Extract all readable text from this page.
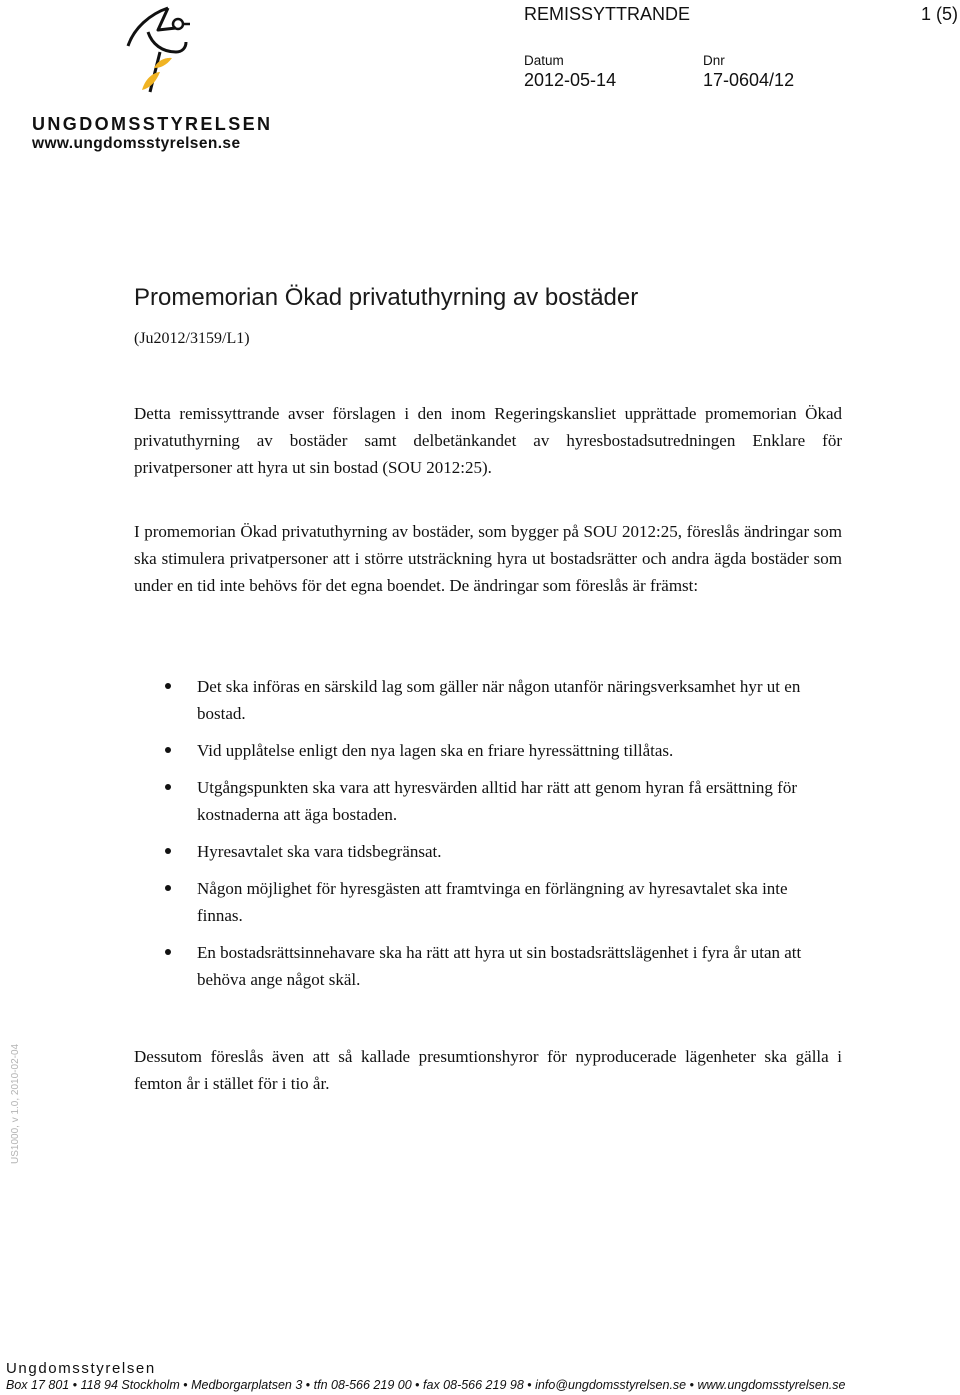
UNGDOMSSTYRELSEN
www.ungdomsstyrelsen.se
REMISSYTTRANDE	1 (5)
Datum
2012-05-14
Dnr
17-0604/12
Promemorian Ökad privatuthyrning av bostäder
(Ju2012/3159/L1)
Detta remissyttrande avser förslagen i den inom Regeringskansliet upprättade promemorian Ökad privatuthyrning av bostäder samt delbetänkandet av hyresbostadsutredningen Enklare för privatpersoner att hyra ut sin bostad (SOU 2012:25).
I promemorian Ökad privatuthyrning av bostäder, som bygger på SOU 2012:25, föreslås ändringar som ska stimulera privatpersoner att i större utsträckning hyra ut bostadsrätter och andra ägda bostäder som under en tid inte behövs för det egna boendet. De ändringar som föreslås är främst:
Det ska införas en särskild lag som gäller när någon utanför näringsverksamhet hyr ut en bostad.
Vid upplåtelse enligt den nya lagen ska en friare hyressättning tillåtas.
Utgångspunkten ska vara att hyresvärden alltid har rätt att genom hyran få ersättning för kostnaderna att äga bostaden.
Hyresavtalet ska vara tidsbegränsat.
Någon möjlighet för hyresgästen att framtvinga en förlängning av hyresavtalet ska inte finnas.
En bostadsrättsinnehavare ska ha rätt att hyra ut sin bostadsrättslägenhet i fyra år utan att behöva ange något skäl.
Dessutom föreslås även att så kallade presumtionshyror för nyproducerade lägenheter ska gälla i femton år i stället för i tio år.
US1000, v 1.0, 2010-02-04
Ungdomsstyrelsen
Box 17 801 • 118 94 Stockholm • Medborgarplatsen 3 • tfn 08-566 219 00 • fax 08-566 219 98 • info@ungdomsstyrelsen.se • www.ungdomsstyrelsen.se
